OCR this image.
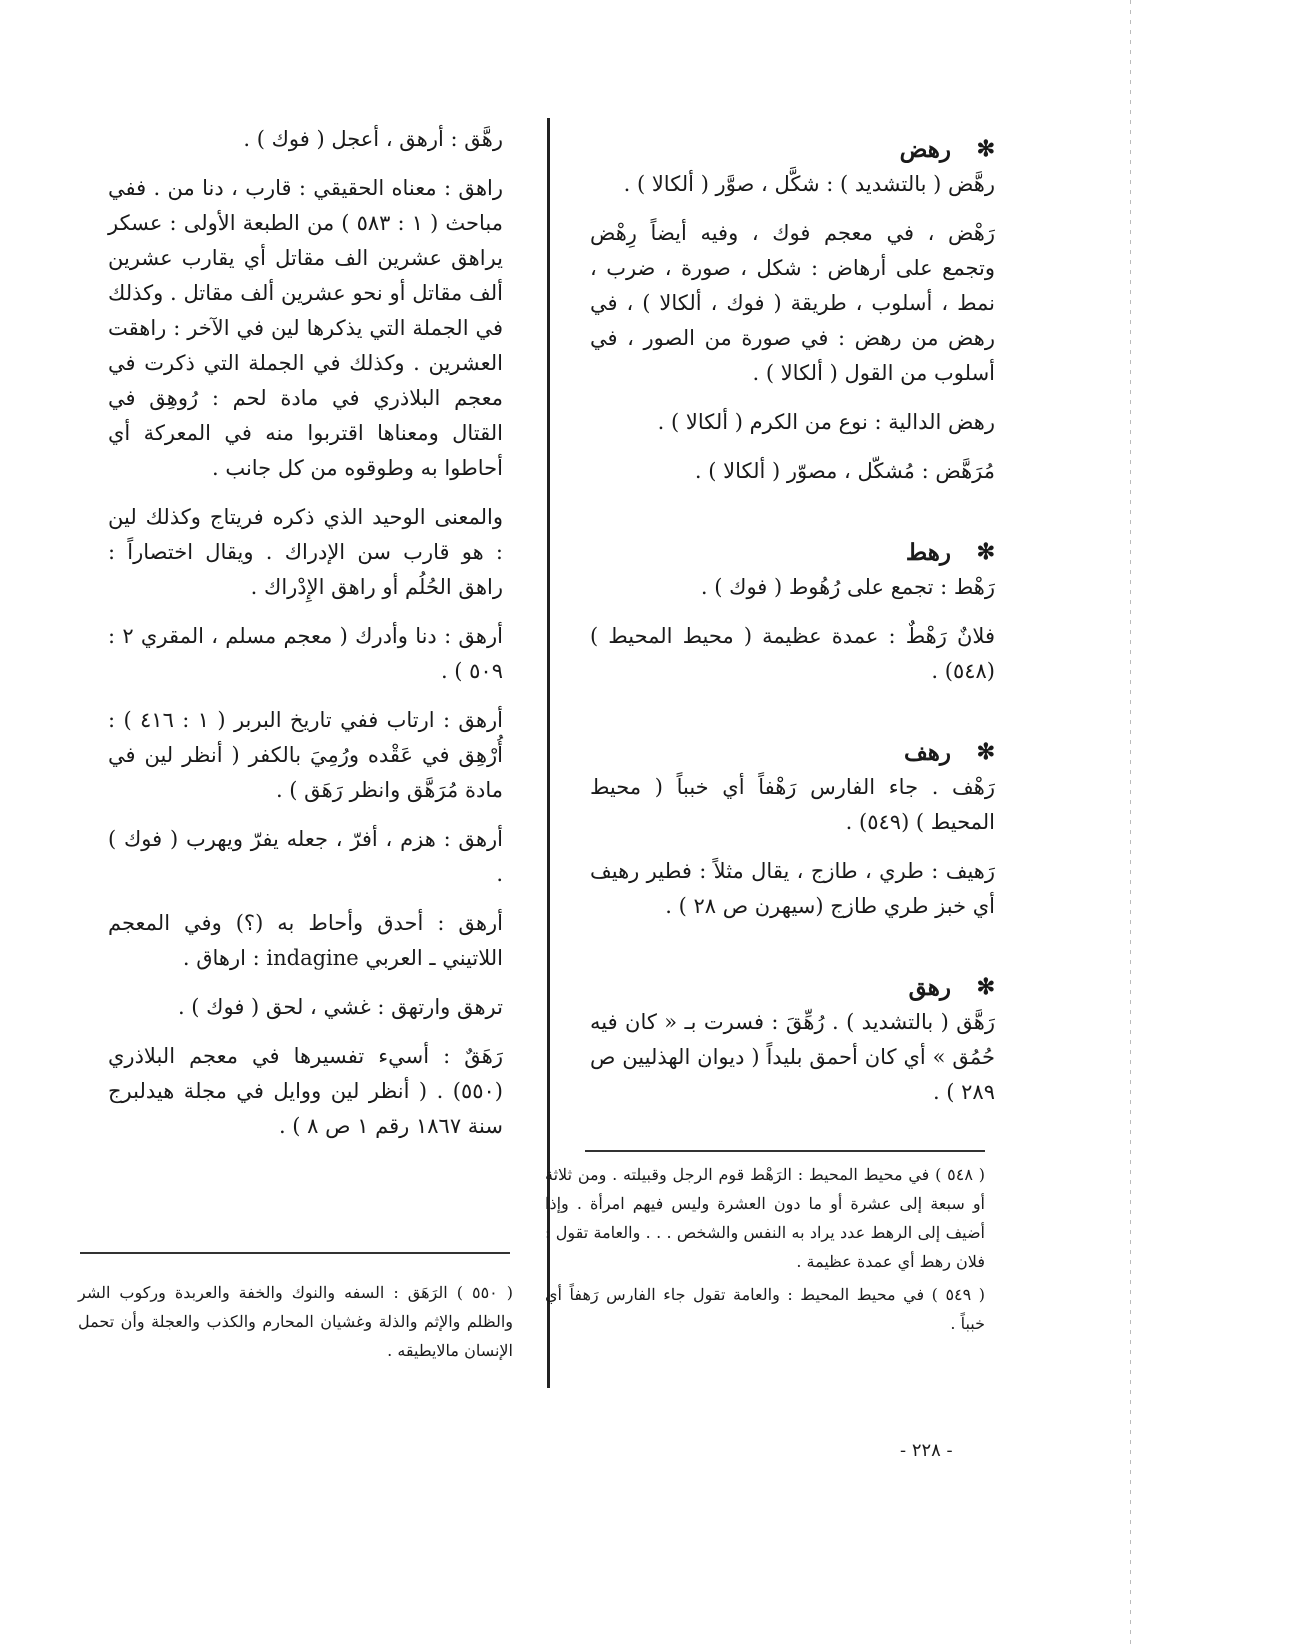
✻
رهض

رهَّض ( بالتشديد ) : شكَّل ، صوَّر ( ألكالا ) .

رَهْض ، في معجم فوك ، وفيه أيضاً رِهْض وتجمع على أرهاض : شكل ، صورة ، ضرب ، نمط ، أسلوب ، طريقة ( فوك ، ألكالا ) ، في رهض من رهض : في صورة من الصور ، في أسلوب من القول ( ألكالا ) .

رهض الدالية : نوع من الكرم ( ألكالا ) .

مُرَهَّض : مُشكّل ، مصوّر ( ألكالا ) .

✻
رهط

رَهْط : تجمع على رُهُوط ( فوك ) .

فلانٌ رَهْطٌ : عمدة عظيمة ( محيط المحيط ) (٥٤٨) .

✻
رهف

رَهْف . جاء الفارس رَهْفاً أي خبباً ( محيط المحيط ) (٥٤٩) .

رَهيف : طري ، طازج ، يقال مثلاً : فطير رهيف أي خبز طري طازج (سيهرن ص ٢٨ ) .

✻
رهق

رَهَّق ( بالتشديد ) . رُهِّقَ : فسرت بـ « كان فيه حُمُق » أي كان أحمق بليداً ( ديوان الهذليين ص ٢٨٩ ) .

رهَّق : أرهق ، أعجل ( فوك ) .

راهق : معناه الحقيقي : قارب ، دنا من . ففي مباحث ( ١ : ٥٨٣ ) من الطبعة الأولى : عسكر يراهق عشرين الف مقاتل أي يقارب عشرين ألف مقاتل أو نحو عشرين ألف مقاتل . وكذلك في الجملة التي يذكرها لين في الآخر : راهقت العشرين . وكذلك في الجملة التي ذكرت في معجم البلاذري في مادة لحم : رُوهِق في القتال ومعناها اقتربوا منه في المعركة أي أحاطوا به وطوقوه من كل جانب .

والمعنى الوحيد الذي ذكره فريتاج وكذلك لين : هو قارب سن الإدراك . ويقال اختصاراً : راهق الحُلُم أو راهق الإِدْراك .

أرهق : دنا وأدرك ( معجم مسلم ، المقري ٢ : ٥٠٩ ) .

أرهق : ارتاب ففي تاريخ البربر ( ١ : ٤١٦ ) : أُرْهِق في عَقْده ورُمِيَ بالكفر ( أنظر لين في مادة مُرَهَّق وانظر رَهَق ) .

أرهق : هزم ، أفرّ ، جعله يفرّ ويهرب ( فوك ) .

أرهق : أحدق وأحاط به (؟) وفي المعجم اللاتيني ـ العربي indagine : ارهاق .

ترهق وارتهق : غشي ، لحق ( فوك ) .

رَهَقٌ : أسيء تفسيرها في معجم البلاذري (٥٥٠) . ( أنظر لين ووايل في مجلة هيدلبرج سنة ١٨٦٧ رقم ١ ص ٨ ) .

( ٥٤٨ ) في محيط المحيط : الرَهْط قوم الرجل وقبيلته . ومن ثلاثة أو سبعة إلى عشرة أو ما دون العشرة وليس فيهم امرأة . وإذا أضيف إلى الرهط عدد يراد به النفس والشخص . . . والعامة تقول : فلان رهط أي عمدة عظيمة .

( ٥٤٩ ) في محيط المحيط : والعامة تقول جاء الفارس رَهفاً أي خبباً .

( ٥٥٠ ) الرَهَق : السفه والنوك والخفة والعربدة وركوب الشر والظلم والإثم والذلة وغشيان المحارم والكذب والعجلة وأن تحمل الإنسان مالايطيقه .

- ٢٢٨ -
